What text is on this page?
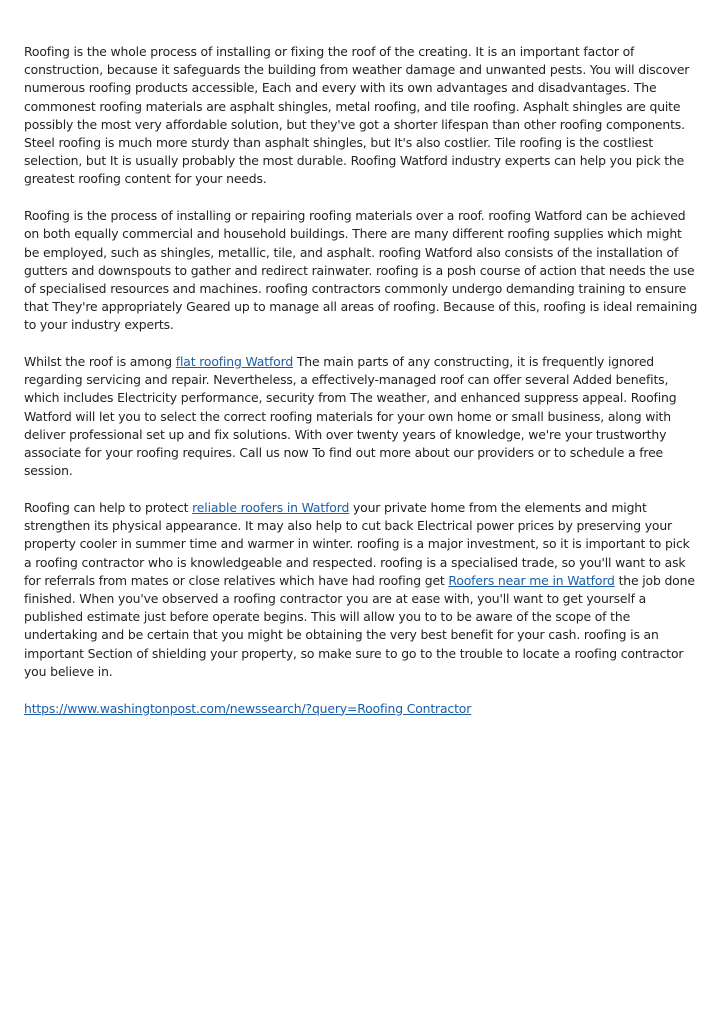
Roofing is the whole process of installing or fixing the roof of the creating. It is an important factor of construction, because it safeguards the building from weather damage and unwanted pests. You will discover numerous roofing products accessible, Each and every with its own advantages and disadvantages. The commonest roofing materials are asphalt shingles, metal roofing, and tile roofing. Asphalt shingles are quite possibly the most very affordable solution, but they've got a shorter lifespan than other roofing components. Steel roofing is much more sturdy than asphalt shingles, but It's also costlier. Tile roofing is the costliest selection, but It is usually probably the most durable. Roofing Watford industry experts can help you pick the greatest roofing content for your needs.

Roofing is the process of installing or repairing roofing materials over a roof. roofing Watford can be achieved on both equally commercial and household buildings. There are many different roofing supplies which might be employed, such as shingles, metallic, tile, and asphalt. roofing Watford also consists of the installation of gutters and downspouts to gather and redirect rainwater. roofing is a posh course of action that needs the use of specialised resources and machines. roofing contractors commonly undergo demanding training to ensure that They're appropriately Geared up to manage all areas of roofing. Because of this, roofing is ideal remaining to your industry experts.

Whilst the roof is among flat roofing Watford The main parts of any constructing, it is frequently ignored regarding servicing and repair. Nevertheless, a effectively-managed roof can offer several Added benefits, which includes Electricity performance, security from The weather, and enhanced suppress appeal. Roofing Watford will let you to select the correct roofing materials for your own home or small business, along with deliver professional set up and fix solutions. With over twenty years of knowledge, we're your trustworthy associate for your roofing requires. Call us now To find out more about our providers or to schedule a free session.

Roofing can help to protect reliable roofers in Watford your private home from the elements and might strengthen its physical appearance. It may also help to cut back Electrical power prices by preserving your property cooler in summer time and warmer in winter. roofing is a major investment, so it is important to pick a roofing contractor who is knowledgeable and respected. roofing is a specialised trade, so you'll want to ask for referrals from mates or close relatives which have had roofing get Roofers near me in Watford the job done finished. When you've observed a roofing contractor you are at ease with, you'll want to get yourself a published estimate just before operate begins. This will allow you to to be aware of the scope of the undertaking and be certain that you might be obtaining the very best benefit for your cash. roofing is an important Section of shielding your property, so make sure to go to the trouble to locate a roofing contractor you believe in.

https://www.washingtonpost.com/newssearch/?query=Roofing Contractor
